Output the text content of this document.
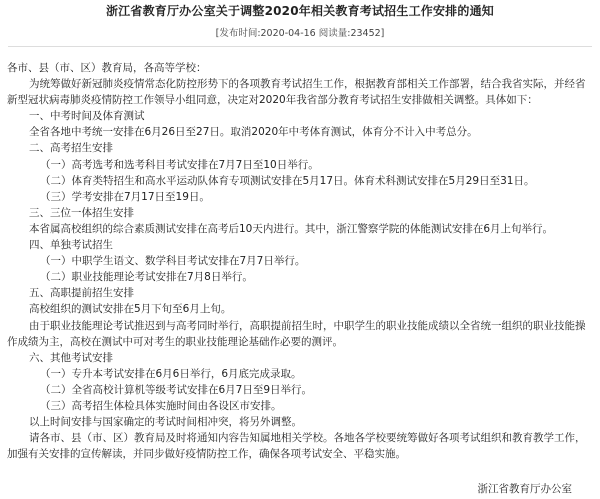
浙江省教育厅办公室关于调整2020年相关教育考试招生工作安排的通知
[发布时间:2020-04-16 阅读量:23452]
各市、县（市、区）教育局，各高等学校：
为统筹做好新冠肺炎疫情常态化防控形势下的各项教育考试招生工作，根据教育部相关工作部署，结合我省实际，并经省
新型冠状病毒肺炎疫情防控工作领导小组同意，决定对2020年我省部分教育考试招生安排做相关调整。具体如下：
一、中考时间及体育测试
全省各地中考统一安排在6月26日至27日。取消2020年中考体育测试，体育分不计入中考总分。
二、高考招生安排
（一）高考选考和选考科目考试安排在7月7日至10日举行。
（二）体育类特招生和高水平运动队体育专项测试安排在5月17日。体育术科测试安排在5月29日至31日。
（三）学考安排在7月17日至19日。
三、三位一体招生安排
本省属高校组织的综合素质测试安排在高考后10天内进行。其中，浙江警察学院的体能测试安排在6月上旬举行。
四、单独考试招生
（一）中职学生语文、数学科目考试安排在7月7日举行。
（二）职业技能理论考试安排在7月8日举行。
五、高职提前招生安排
高校组织的测试安排在5月下旬至6月上旬。
由于职业技能理论考试推迟到与高考同时举行，高职提前招生时，中职学生的职业技能成绩以全省统一组织的职业技能操
作成绩为主，高校在测试中可对考生的职业技能理论基础作必要的测评。
六、其他考试安排
（一）专升本考试安排在6月6日举行，6月底完成录取。
（二）全省高校计算机等级考试安排在6月7日至9日举行。
（三）高考招生体检具体实施时间由各设区市安排。
以上时间安排与国家确定的考试时间相冲突，将另外调整。
请各市、县（市、区）教育局及时将通知内容告知属地相关学校。各地各学校要统筹做好各项考试组织和教育教学工作，
加强有关安排的宣传解读，并同步做好疫情防控工作，确保各项考试安全、平稳实施。
浙江省教育厅办公室
